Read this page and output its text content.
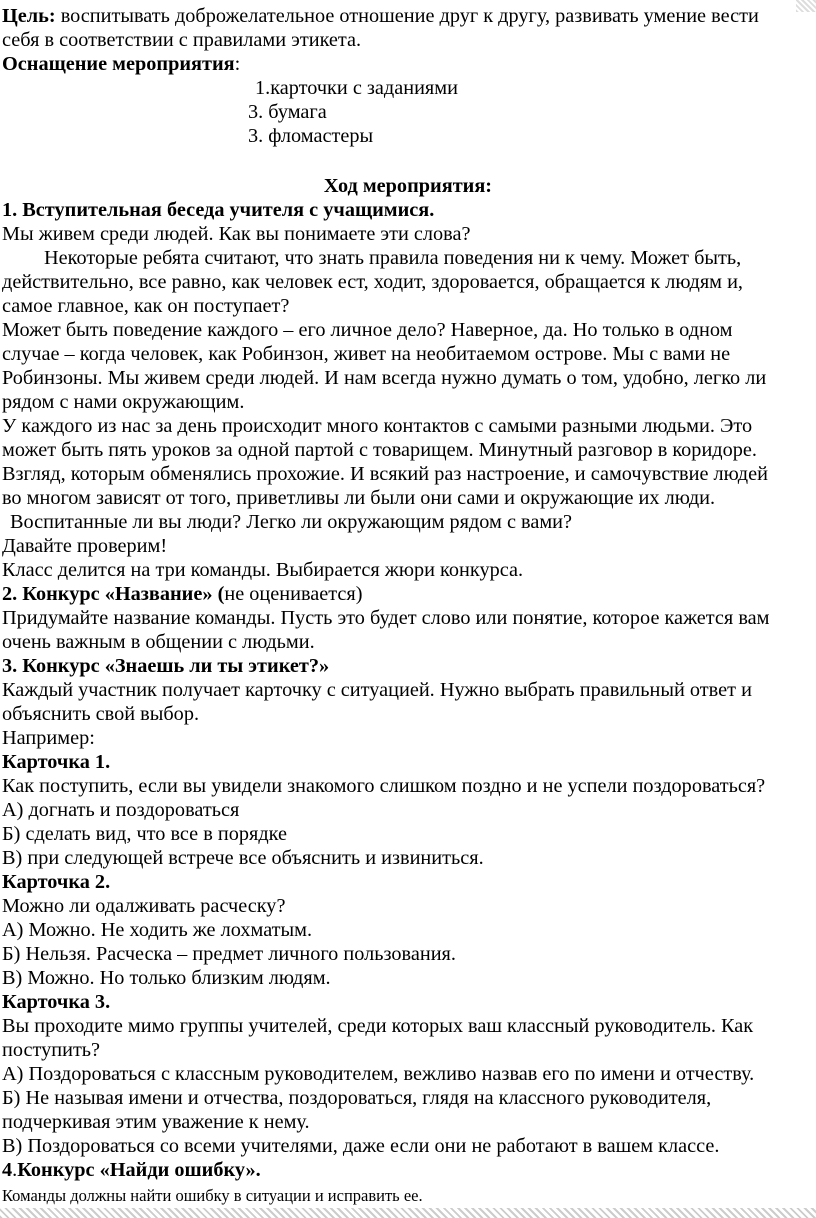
Цель: воспитывать доброжелательное отношение друг к другу, развивать умение вести
себя в соответствии с правилами этикета.
Оснащение мероприятия:
1.карточки с заданиями
3. бумага
3. фломастеры
Ход мероприятия:
1. Вступительная беседа учителя с учащимися.
Мы живем среди людей. Как вы понимаете эти слова?
Некоторые ребята считают, что знать правила поведения ни к чему. Может быть,
действительно, все равно, как человек ест, ходит, здоровается, обращается к людям и,
самое главное, как он поступает?
Может быть поведение каждого – его личное дело? Наверное, да. Но только в одном
случае – когда человек, как Робинзон, живет на необитаемом острове. Мы с вами не
Робинзоны. Мы живем среди людей. И нам всегда нужно думать о том, удобно, легко ли
рядом с нами окружающим.
У каждого из нас за день происходит много контактов с самыми разными людьми. Это
может быть пять уроков за одной партой с товарищем. Минутный разговор в коридоре.
Взгляд, которым обменялись прохожие. И всякий раз настроение, и самочувствие людей
во многом зависят от того, приветливы ли были они сами и окружающие их люди.
Воспитанные ли вы люди? Легко ли окружающим рядом с вами?
Давайте проверим!
Класс делится на три команды. Выбирается жюри конкурса.
2. Конкурс «Название» (не оценивается)
Придумайте название команды. Пусть это будет слово или понятие, которое кажется вам
очень важным в общении с людьми.
3. Конкурс «Знаешь ли ты этикет?»
Каждый участник получает карточку с ситуацией. Нужно выбрать правильный ответ и
объяснить свой выбор.
Например:
Карточка 1.
Как поступить, если вы увидели знакомого слишком поздно и не успели поздороваться?
А) догнать и поздороваться
Б) сделать вид, что все в порядке
В) при следующей встрече все объяснить и извиниться.
Карточка 2.
Можно ли одалживать расческу?
А) Можно. Не ходить же лохматым.
Б) Нельзя. Расческа – предмет личного пользования.
В) Можно. Но только близким людям.
Карточка 3.
Вы проходите мимо группы учителей, среди которых ваш классный руководитель. Как
поступить?
А) Поздороваться с классным руководителем, вежливо назвав его по имени и отчеству.
Б) Не называя имени и отчества, поздороваться, глядя на классного руководителя,
подчеркивая этим уважение к нему.
В) Поздороваться со всеми учителями, даже если они не работают в вашем классе.
4.Конкурс «Найди ошибку».
Команды должны найти ошибку в ситуации и исправить ее.
